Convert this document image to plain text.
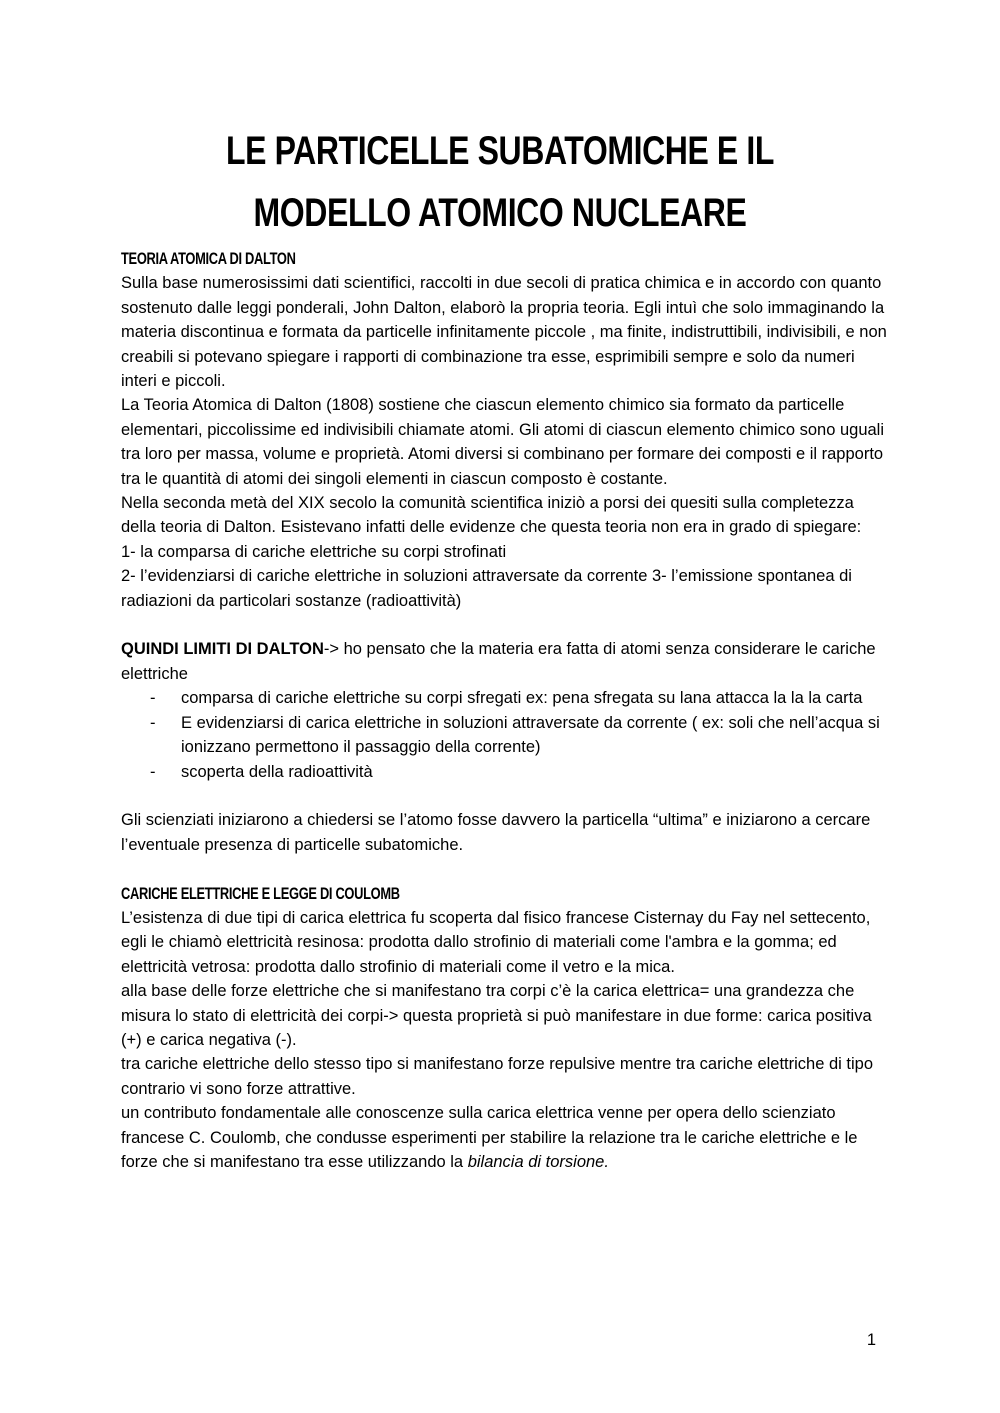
LE PARTICELLE SUBATOMICHE E IL MODELLO ATOMICO NUCLEARE
TEORIA ATOMICA DI DALTON

Sulla base numerosissimi dati scientifici, raccolti in due secoli di pratica chimica e in accordo con quanto sostenuto dalle leggi ponderali, John Dalton, elaborò la propria teoria. Egli intuì che solo immaginando la materia discontinua e formata da particelle infinitamente piccole , ma finite, indistruttibili, indivisibili, e non creabili si potevano spiegare i rapporti di combinazione tra esse, esprimibili sempre e solo da numeri interi e piccoli.

La Teoria Atomica di Dalton (1808) sostiene che ciascun elemento chimico sia formato da particelle elementari, piccolissime ed indivisibili chiamate atomi. Gli atomi di ciascun elemento chimico sono uguali tra loro per massa, volume e proprietà. Atomi diversi si combinano per formare dei composti e il rapporto tra le quantità di atomi dei singoli elementi in ciascun composto è costante.

Nella seconda metà del XIX secolo la comunità scientifica iniziò a porsi dei quesiti sulla completezza della teoria di Dalton. Esistevano infatti delle evidenze che questa teoria non era in grado di spiegare:

1- la comparsa di cariche elettriche su corpi strofinati

2- l’evidenziarsi di cariche elettriche in soluzioni attraversate da corrente 3- l’emissione spontanea di radiazioni da particolari sostanze (radioattività)

QUINDI LIMITI DI DALTON-> ho pensato che la materia era fatta di atomi senza considerare le cariche elettriche

- comparsa di cariche elettriche su corpi sfregati ex: pena sfregata su lana attacca la la la carta
- E evidenziarsi di carica elettriche in soluzioni attraversate da corrente ( ex: soli che nell’acqua si ionizzano permettono il passaggio della corrente)
- scoperta della radioattività

Gli scienziati iniziarono a chiedersi se l’atomo fosse davvero la particella “ultima” e iniziarono a cercare l’eventuale presenza di particelle subatomiche.

CARICHE ELETTRICHE E LEGGE DI COULOMB

L’esistenza di due tipi di carica elettrica fu scoperta dal fisico francese Cisternay du Fay nel settecento, egli le chiamò elettricità resinosa: prodotta dallo strofinio di materiali come l'ambra e la gomma; ed elettricità vetrosa: prodotta dallo strofinio di materiali come il vetro e la mica.

alla base delle forze elettriche che si manifestano tra corpi c’è la carica elettrica= una grandezza che misura lo stato di elettricità dei corpi-> questa proprietà si può manifestare in due forme: carica positiva (+) e carica negativa (-).

tra cariche elettriche dello stesso tipo si manifestano forze repulsive mentre tra cariche elettriche di tipo contrario vi sono forze attrattive.

un contributo fondamentale alle conoscenze sulla carica elettrica venne per opera dello scienziato francese C. Coulomb, che condusse esperimenti per stabilire la relazione tra le cariche elettriche e le forze che si manifestano tra esse utilizzando la bilancia di torsione.

1
